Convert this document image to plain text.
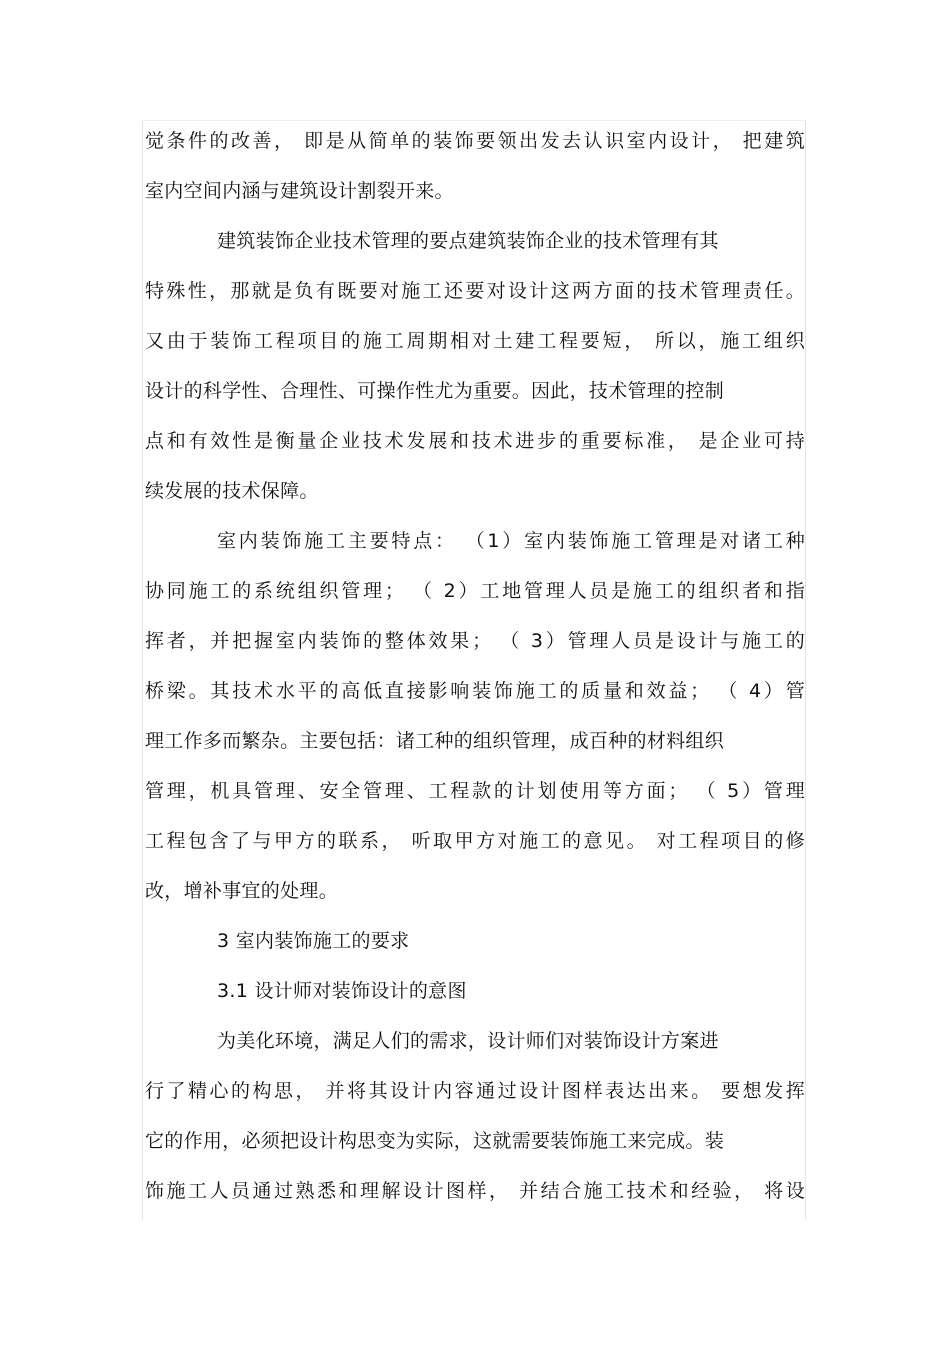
觉条件的改善， 即是从简单的装饰要领出发去认识室内设计， 把建筑
室内空间内涵与建筑设计割裂开来。
建筑装饰企业技术管理的要点建筑装饰企业的技术管理有其
特殊性，那就是负有既要对施工还要对设计这两方面的技术管理责任。
又由于装饰工程项目的施工周期相对土建工程要短， 所以，施工组织
设计的科学性、合理性、可操作性尤为重要。因此，技术管理的控制
点和有效性是衡量企业技术发展和技术进步的重要标准， 是企业可持
续发展的技术保障。
室内装饰施工主要特点： （1）室内装饰施工管理是对诸工种
协同施工的系统组织管理； （ 2）工地管理人员是施工的组织者和指
挥者，并把握室内装饰的整体效果； （ 3）管理人员是设计与施工的
桥梁。其技术水平的高低直接影响装饰施工的质量和效益； （ 4）管
理工作多而繁杂。主要包括：诸工种的组织管理，成百种的材料组织
管理，机具管理、安全管理、工程款的计划使用等方面； （ 5）管理
工程包含了与甲方的联系， 听取甲方对施工的意见。 对工程项目的修
改，增补事宜的处理。
3 室内装饰施工的要求
3.1 设计师对装饰设计的意图
为美化环境，满足人们的需求，设计师们对装饰设计方案进
行了精心的构思， 并将其设计内容通过设计图样表达出来。 要想发挥
它的作用，必须把设计构思变为实际，这就需要装饰施工来完成。装
饰施工人员通过熟悉和理解设计图样， 并结合施工技术和经验， 将设
